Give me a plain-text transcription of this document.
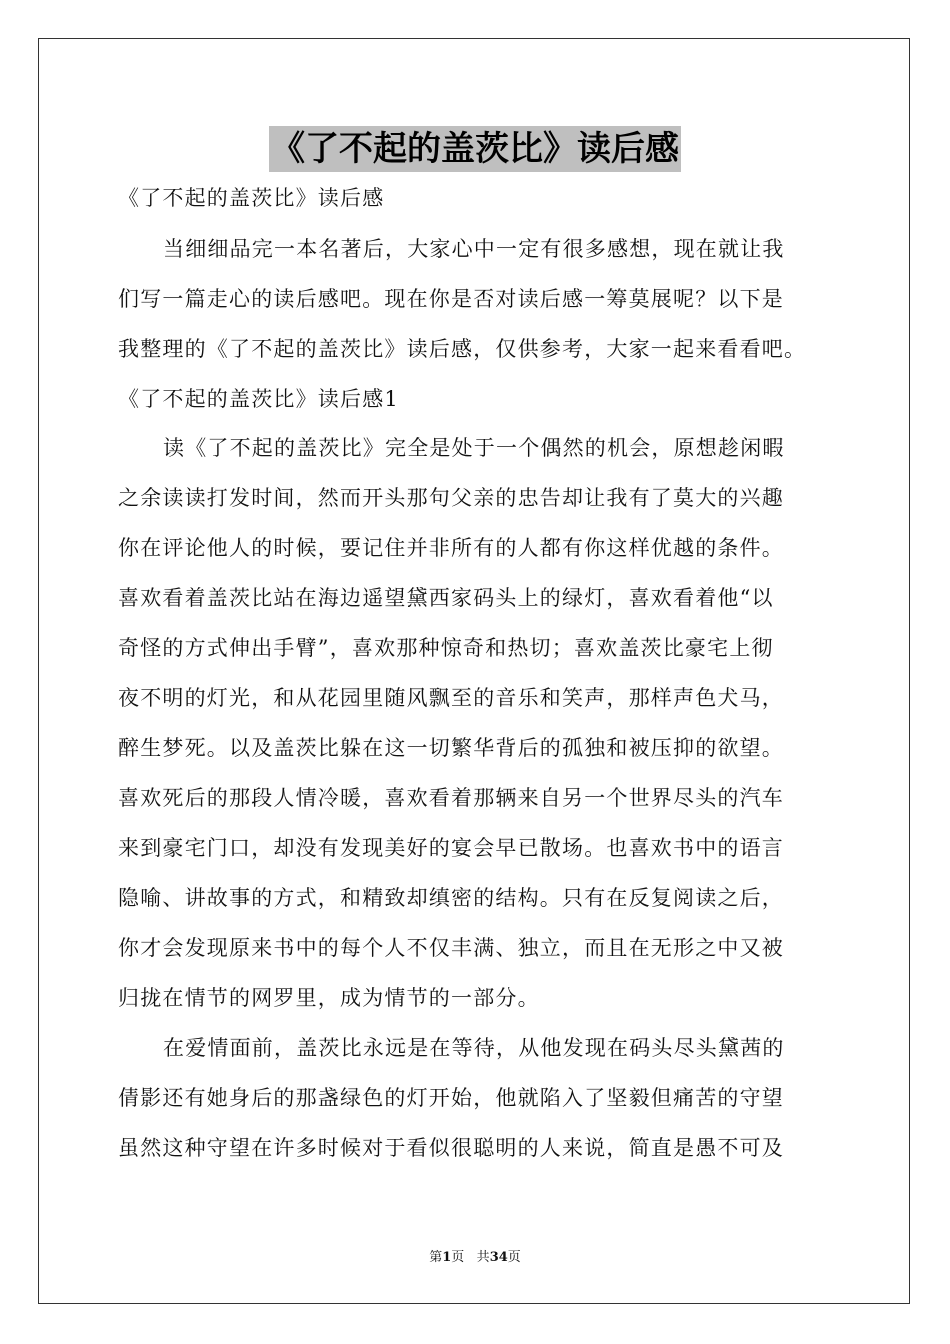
《了不起的盖茨比》读后感
《了不起的盖茨比》读后感
当细细品完一本名著后，大家心中一定有很多感想，现在就让我
们写一篇走心的读后感吧。现在你是否对读后感一筹莫展呢？以下是
我整理的《了不起的盖茨比》读后感，仅供参考，大家一起来看看吧。
《了不起的盖茨比》读后感1
读《了不起的盖茨比》完全是处于一个偶然的机会，原想趁闲暇
之余读读打发时间，然而开头那句父亲的忠告却让我有了莫大的兴趣
你在评论他人的时候，要记住并非所有的人都有你这样优越的条件。
喜欢看着盖茨比站在海边遥望黛西家码头上的绿灯，喜欢看着他“以
奇怪的方式伸出手臂”，喜欢那种惊奇和热切；喜欢盖茨比豪宅上彻
夜不明的灯光，和从花园里随风飘至的音乐和笑声，那样声色犬马，
醉生梦死。以及盖茨比躲在这一切繁华背后的孤独和被压抑的欲望。
喜欢死后的那段人情冷暖，喜欢看着那辆来自另一个世界尽头的汽车
来到豪宅门口，却没有发现美好的宴会早已散场。也喜欢书中的语言
隐喻、讲故事的方式，和精致却缜密的结构。只有在反复阅读之后，
你才会发现原来书中的每个人不仅丰满、独立，而且在无形之中又被
归拢在情节的网罗里，成为情节的一部分。
在爱情面前，盖茨比永远是在等待，从他发现在码头尽头黛茜的
倩影还有她身后的那盏绿色的灯开始，他就陷入了坚毅但痛苦的守望
虽然这种守望在许多时候对于看似很聪明的人来说，简直是愚不可及
第1页 共34页
